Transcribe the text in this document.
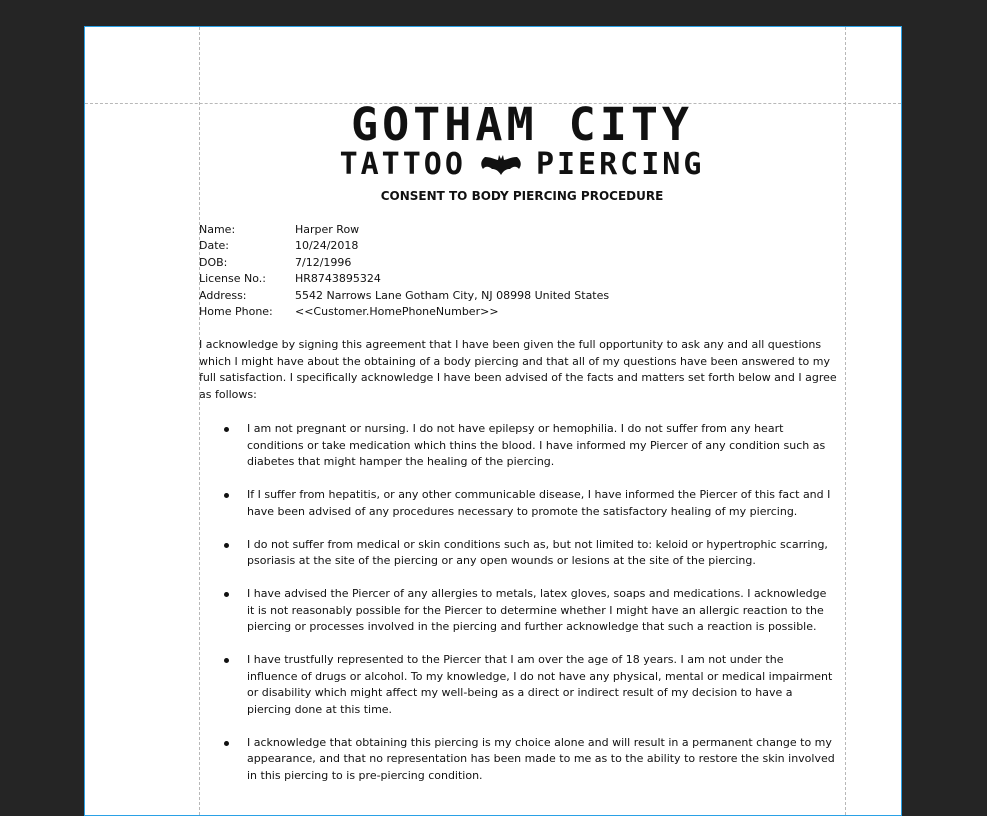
GOTHAM CITY
TATTOO PIERCING
CONSENT TO BODY PIERCING PROCEDURE
Name:	Harper Row
Date:	10/24/2018
DOB:	7/12/1996
License No.:	HR8743895324
Address:	5542 Narrows Lane Gotham City, NJ 08998 United States
Home Phone:	<<Customer.HomePhoneNumber>>
I acknowledge by signing this agreement that I have been given the full opportunity to ask any and all questions which I might have about the obtaining of a body piercing and that all of my questions have been answered to my full satisfaction. I specifically acknowledge I have been advised of the facts and matters set forth below and I agree as follows:
I am not pregnant or nursing. I do not have epilepsy or hemophilia. I do not suffer from any heart conditions or take medication which thins the blood. I have informed my Piercer of any condition such as diabetes that might hamper the healing of the piercing.
If I suffer from hepatitis, or any other communicable disease, I have informed the Piercer of this fact and I have been advised of any procedures necessary to promote the satisfactory healing of my piercing.
I do not suffer from medical or skin conditions such as, but not limited to: keloid or hypertrophic scarring, psoriasis at the site of the piercing or any open wounds or lesions at the site of the piercing.
I have advised the Piercer of any allergies to metals, latex gloves, soaps and medications. I acknowledge it is not reasonably possible for the Piercer to determine whether I might have an allergic reaction to the piercing or processes involved in the piercing and further acknowledge that such a reaction is possible.
I have trustfully represented to the Piercer that I am over the age of 18 years. I am not under the influence of drugs or alcohol. To my knowledge, I do not have any physical, mental or medical impairment or disability which might affect my well-being as a direct or indirect result of my decision to have a piercing done at this time.
I acknowledge that obtaining this piercing is my choice alone and will result in a permanent change to my appearance, and that no representation has been made to me as to the ability to restore the skin involved in this piercing to is pre-piercing condition.
